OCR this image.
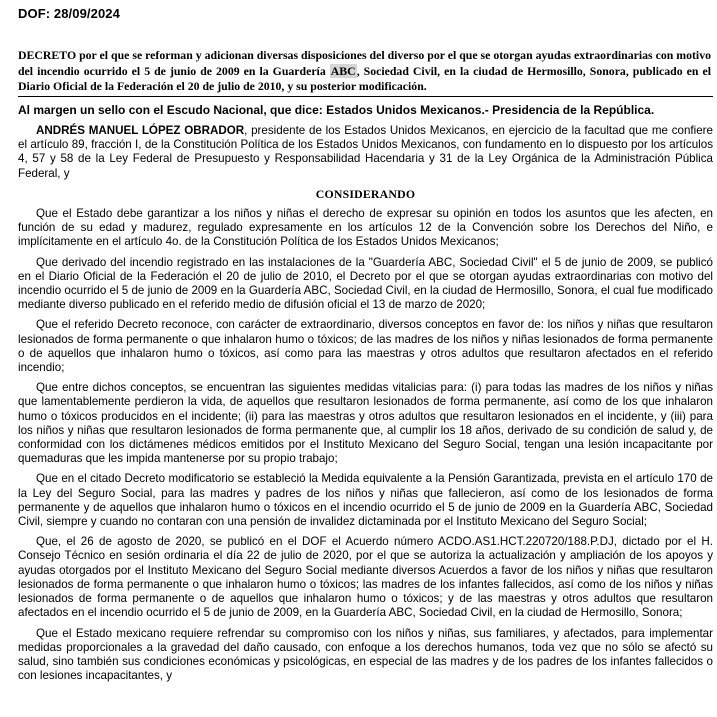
DOF: 28/09/2024

DECRETO por el que se reforman y adicionan diversas disposiciones del diverso por el que se otorgan ayudas extraordinarias con motivo del incendio ocurrido el 5 de junio de 2009 en la Guardería ABC, Sociedad Civil, en la ciudad de Hermosillo, Sonora, publicado en el Diario Oficial de la Federación el 20 de julio de 2010, y su posterior modificación.

Al margen un sello con el Escudo Nacional, que dice: Estados Unidos Mexicanos.- Presidencia de la República.

ANDRÉS MANUEL LÓPEZ OBRADOR, presidente de los Estados Unidos Mexicanos, en ejercicio de la facultad que me confiere el artículo 89, fracción I, de la Constitución Política de los Estados Unidos Mexicanos, con fundamento en lo dispuesto por los artículos 4, 57 y 58 de la Ley Federal de Presupuesto y Responsabilidad Hacendaria y 31 de la Ley Orgánica de la Administración Pública Federal, y

CONSIDERANDO

Que el Estado debe garantizar a los niños y niñas el derecho de expresar su opinión en todos los asuntos que les afecten, en función de su edad y madurez, regulado expresamente en los artículos 12 de la Convención sobre los Derechos del Niño, e implícitamente en el artículo 4o. de la Constitución Política de los Estados Unidos Mexicanos;

Que derivado del incendio registrado en las instalaciones de la "Guardería ABC, Sociedad Civil" el 5 de junio de 2009, se publicó en el Diario Oficial de la Federación el 20 de julio de 2010, el Decreto por el que se otorgan ayudas extraordinarias con motivo del incendio ocurrido el 5 de junio de 2009 en la Guardería ABC, Sociedad Civil, en la ciudad de Hermosillo, Sonora, el cual fue modificado mediante diverso publicado en el referido medio de difusión oficial el 13 de marzo de 2020;

Que el referido Decreto reconoce, con carácter de extraordinario, diversos conceptos en favor de: los niños y niñas que resultaron lesionados de forma permanente o que inhalaron humo o tóxicos; de las madres de los niños y niñas lesionados de forma permanente o de aquellos que inhalaron humo o tóxicos, así como para las maestras y otros adultos que resultaron afectados en el referido incendio;

Que entre dichos conceptos, se encuentran las siguientes medidas vitalicias para: (i) para todas las madres de los niños y niñas que lamentablemente perdieron la vida, de aquellos que resultaron lesionados de forma permanente, así como de los que inhalaron humo o tóxicos producidos en el incidente; (ii) para las maestras y otros adultos que resultaron lesionados en el incidente, y (iii) para los niños y niñas que resultaron lesionados de forma permanente que, al cumplir los 18 años, derivado de su condición de salud y, de conformidad con los dictámenes médicos emitidos por el Instituto Mexicano del Seguro Social, tengan una lesión incapacitante por quemaduras que les impida mantenerse por su propio trabajo;

Que en el citado Decreto modificatorio se estableció la Medida equivalente a la Pensión Garantizada, prevista en el artículo 170 de la Ley del Seguro Social, para las madres y padres de los niños y niñas que fallecieron, así como de los lesionados de forma permanente y de aquellos que inhalaron humo o tóxicos en el incendio ocurrido el 5 de junio de 2009 en la Guardería ABC, Sociedad Civil, siempre y cuando no contaran con una pensión de invalidez dictaminada por el Instituto Mexicano del Seguro Social;

Que, el 26 de agosto de 2020, se publicó en el DOF el Acuerdo número ACDO.AS1.HCT.220720/188.P.DJ, dictado por el H. Consejo Técnico en sesión ordinaria el día 22 de julio de 2020, por el que se autoriza la actualización y ampliación de los apoyos y ayudas otorgados por el Instituto Mexicano del Seguro Social mediante diversos Acuerdos a favor de los niños y niñas que resultaron lesionados de forma permanente o que inhalaron humo o tóxicos; las madres de los infantes fallecidos, así como de los niños y niñas lesionados de forma permanente o de aquellos que inhalaron humo o tóxicos; y de las maestras y otros adultos que resultaron afectados en el incendio ocurrido el 5 de junio de 2009, en la Guardería ABC, Sociedad Civil, en la ciudad de Hermosillo, Sonora;

Que el Estado mexicano requiere refrendar su compromiso con los niños y niñas, sus familiares, y afectados, para implementar medidas proporcionales a la gravedad del daño causado, con enfoque a los derechos humanos, toda vez que no sólo se afectó su salud, sino también sus condiciones económicas y psicológicas, en especial de las madres y de los padres de los infantes fallecidos o con lesiones incapacitantes, y
